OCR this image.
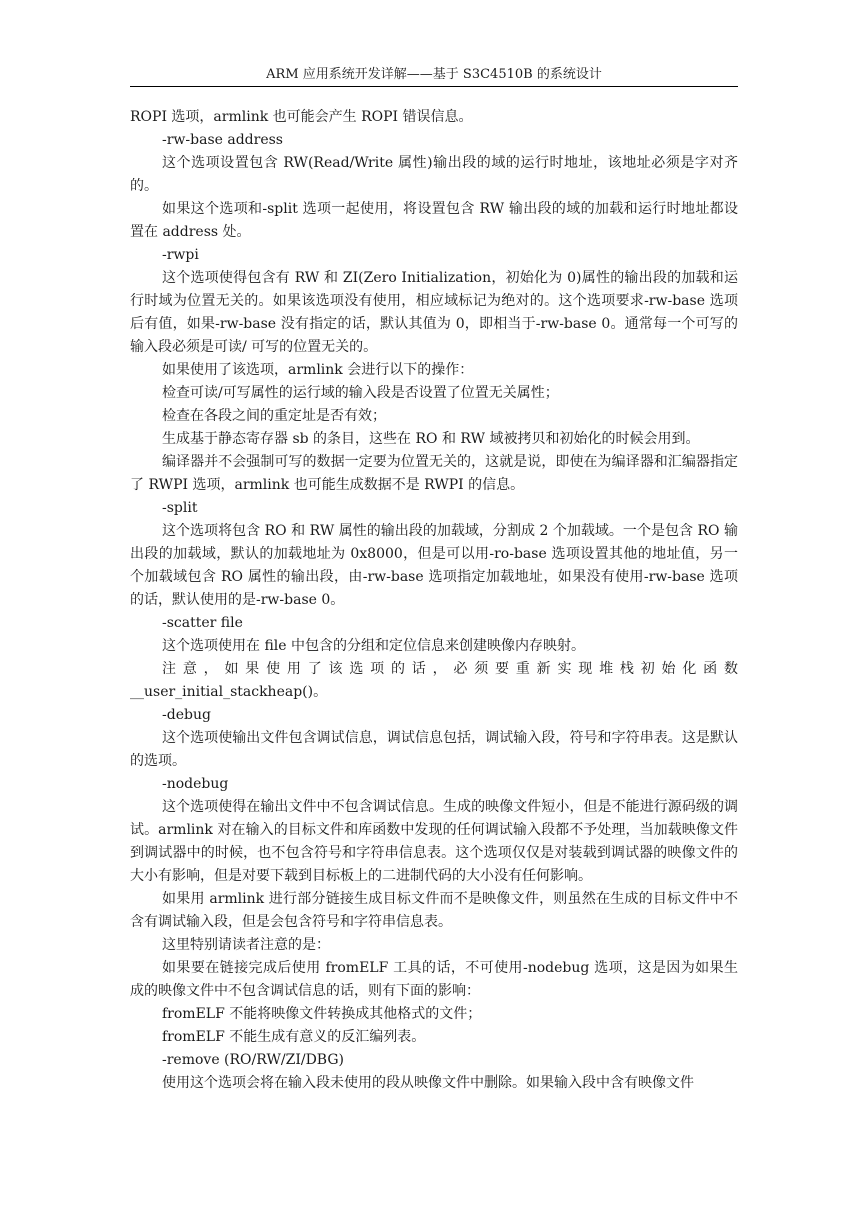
ARM 应用系统开发详解——基于 S3C4510B 的系统设计

ROPI 选项，armlink 也可能会产生 ROPI 错误信息。

-rw-base address

这个选项设置包含 RW(Read/Write 属性)输出段的域的运行时地址，该地址必须是字对齐的。

如果这个选项和-split 选项一起使用，将设置包含 RW 输出段的域的加载和运行时地址都设置在 address 处。

-rwpi

这个选项使得包含有 RW 和 ZI(Zero Initialization，初始化为 0)属性的输出段的加载和运行时域为位置无关的。如果该选项没有使用，相应域标记为绝对的。这个选项要求-rw-base 选项后有值，如果-rw-base 没有指定的话，默认其值为 0，即相当于-rw-base 0。通常每一个可写的输入段必须是可读/ 可写的位置无关的。

如果使用了该选项，armlink 会进行以下的操作：

检查可读/可写属性的运行域的输入段是否设置了位置无关属性；

检查在各段之间的重定址是否有效；

生成基于静态寄存器 sb 的条目，这些在 RO 和 RW 域被拷贝和初始化的时候会用到。

编译器并不会强制可写的数据一定要为位置无关的，这就是说，即使在为编译器和汇编器指定了 RWPI 选项，armlink 也可能生成数据不是 RWPI 的信息。

-split

这个选项将包含 RO 和 RW 属性的输出段的加载域，分割成 2 个加载域。一个是包含 RO 输出段的加载域，默认的加载地址为 0x8000，但是可以用-ro-base 选项设置其他的地址值，另一个加载域包含 RO 属性的输出段，由-rw-base 选项指定加载地址，如果没有使用-rw-base 选项的话，默认使用的是-rw-base 0。

-scatter file

这个选项使用在 file 中包含的分组和定位信息来创建映像内存映射。

注意，如果使用了该选项的话，必须要重新实现堆栈初始化函数

__user_initial_stackheap()。

-debug

这个选项使输出文件包含调试信息，调试信息包括，调试输入段，符号和字符串表。这是默认的选项。

-nodebug

这个选项使得在输出文件中不包含调试信息。生成的映像文件短小，但是不能进行源码级的调试。armlink 对在输入的目标文件和库函数中发现的任何调试输入段都不予处理，当加载映像文件到调试器中的时候，也不包含符号和字符串信息表。这个选项仅仅是对装载到调试器的映像文件的大小有影响，但是对要下载到目标板上的二进制代码的大小没有任何影响。

如果用 armlink 进行部分链接生成目标文件而不是映像文件，则虽然在生成的目标文件中不含有调试输入段，但是会包含符号和字符串信息表。

这里特别请读者注意的是：

如果要在链接完成后使用 fromELF 工具的话，不可使用-nodebug 选项，这是因为如果生成的映像文件中不包含调试信息的话，则有下面的影响：

fromELF 不能将映像文件转换成其他格式的文件；

fromELF 不能生成有意义的反汇编列表。

-remove (RO/RW/ZI/DBG)

使用这个选项会将在输入段未使用的段从映像文件中删除。如果输入段中含有映像文件
